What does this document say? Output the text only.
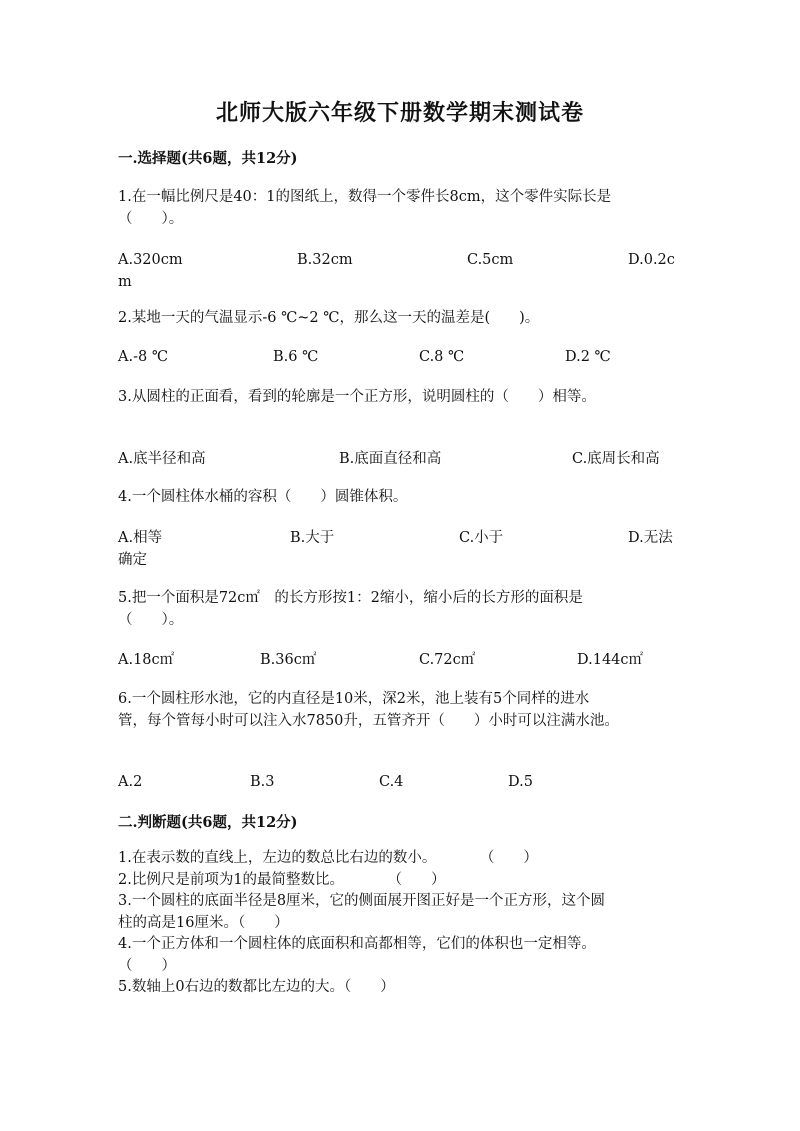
北师大版六年级下册数学期末测试卷
一.选择题(共6题，共12分)
1.在一幅比例尺是40：1的图纸上，数得一个零件长8cm，这个零件实际长是
（　　）。
A.320cm	B.32cm	C.5cm	D.0.2c
m
2.某地一天的气温显示-6 ℃~2 ℃，那么这一天的温差是(　　)。
A.-8 ℃	B.6 ℃	C.8 ℃	D.2 ℃
3.从圆柱的正面看，看到的轮廓是一个正方形，说明圆柱的（　　）相等。
A.底半径和高	B.底面直径和高	C.底周长和高
4.一个圆柱体水桶的容积（　　）圆锥体积。
A.相等	B.大于	C.小于	D.无法
确定
5.把一个面积是72c㎡　的长方形按1：2缩小，缩小后的长方形的面积是
（　　）。
A.18c㎡	B.36c㎡	C.72c㎡	D.144c㎡
6.一个圆柱形水池，它的内直径是10米，深2米，池上装有5个同样的进水
管，每个管每小时可以注入水7850升，五管齐开（　　）小时可以注满水池。
A.2	B.3	C.4	D.5
二.判断题(共6题，共12分)
1.在表示数的直线上，左边的数总比右边的数小。　　　　（　　）
2.比例尺是前项为1的最简整数比。　　　　（　　）
3.一个圆柱的底面半径是8厘米，它的侧面展开图正好是一个正方形，这个圆
柱的高是16厘米。（　　）
4.一个正方体和一个圆柱体的底面积和高都相等，它们的体积也一定相等。
（　　）
5.数轴上0右边的数都比左边的大。（　　）
